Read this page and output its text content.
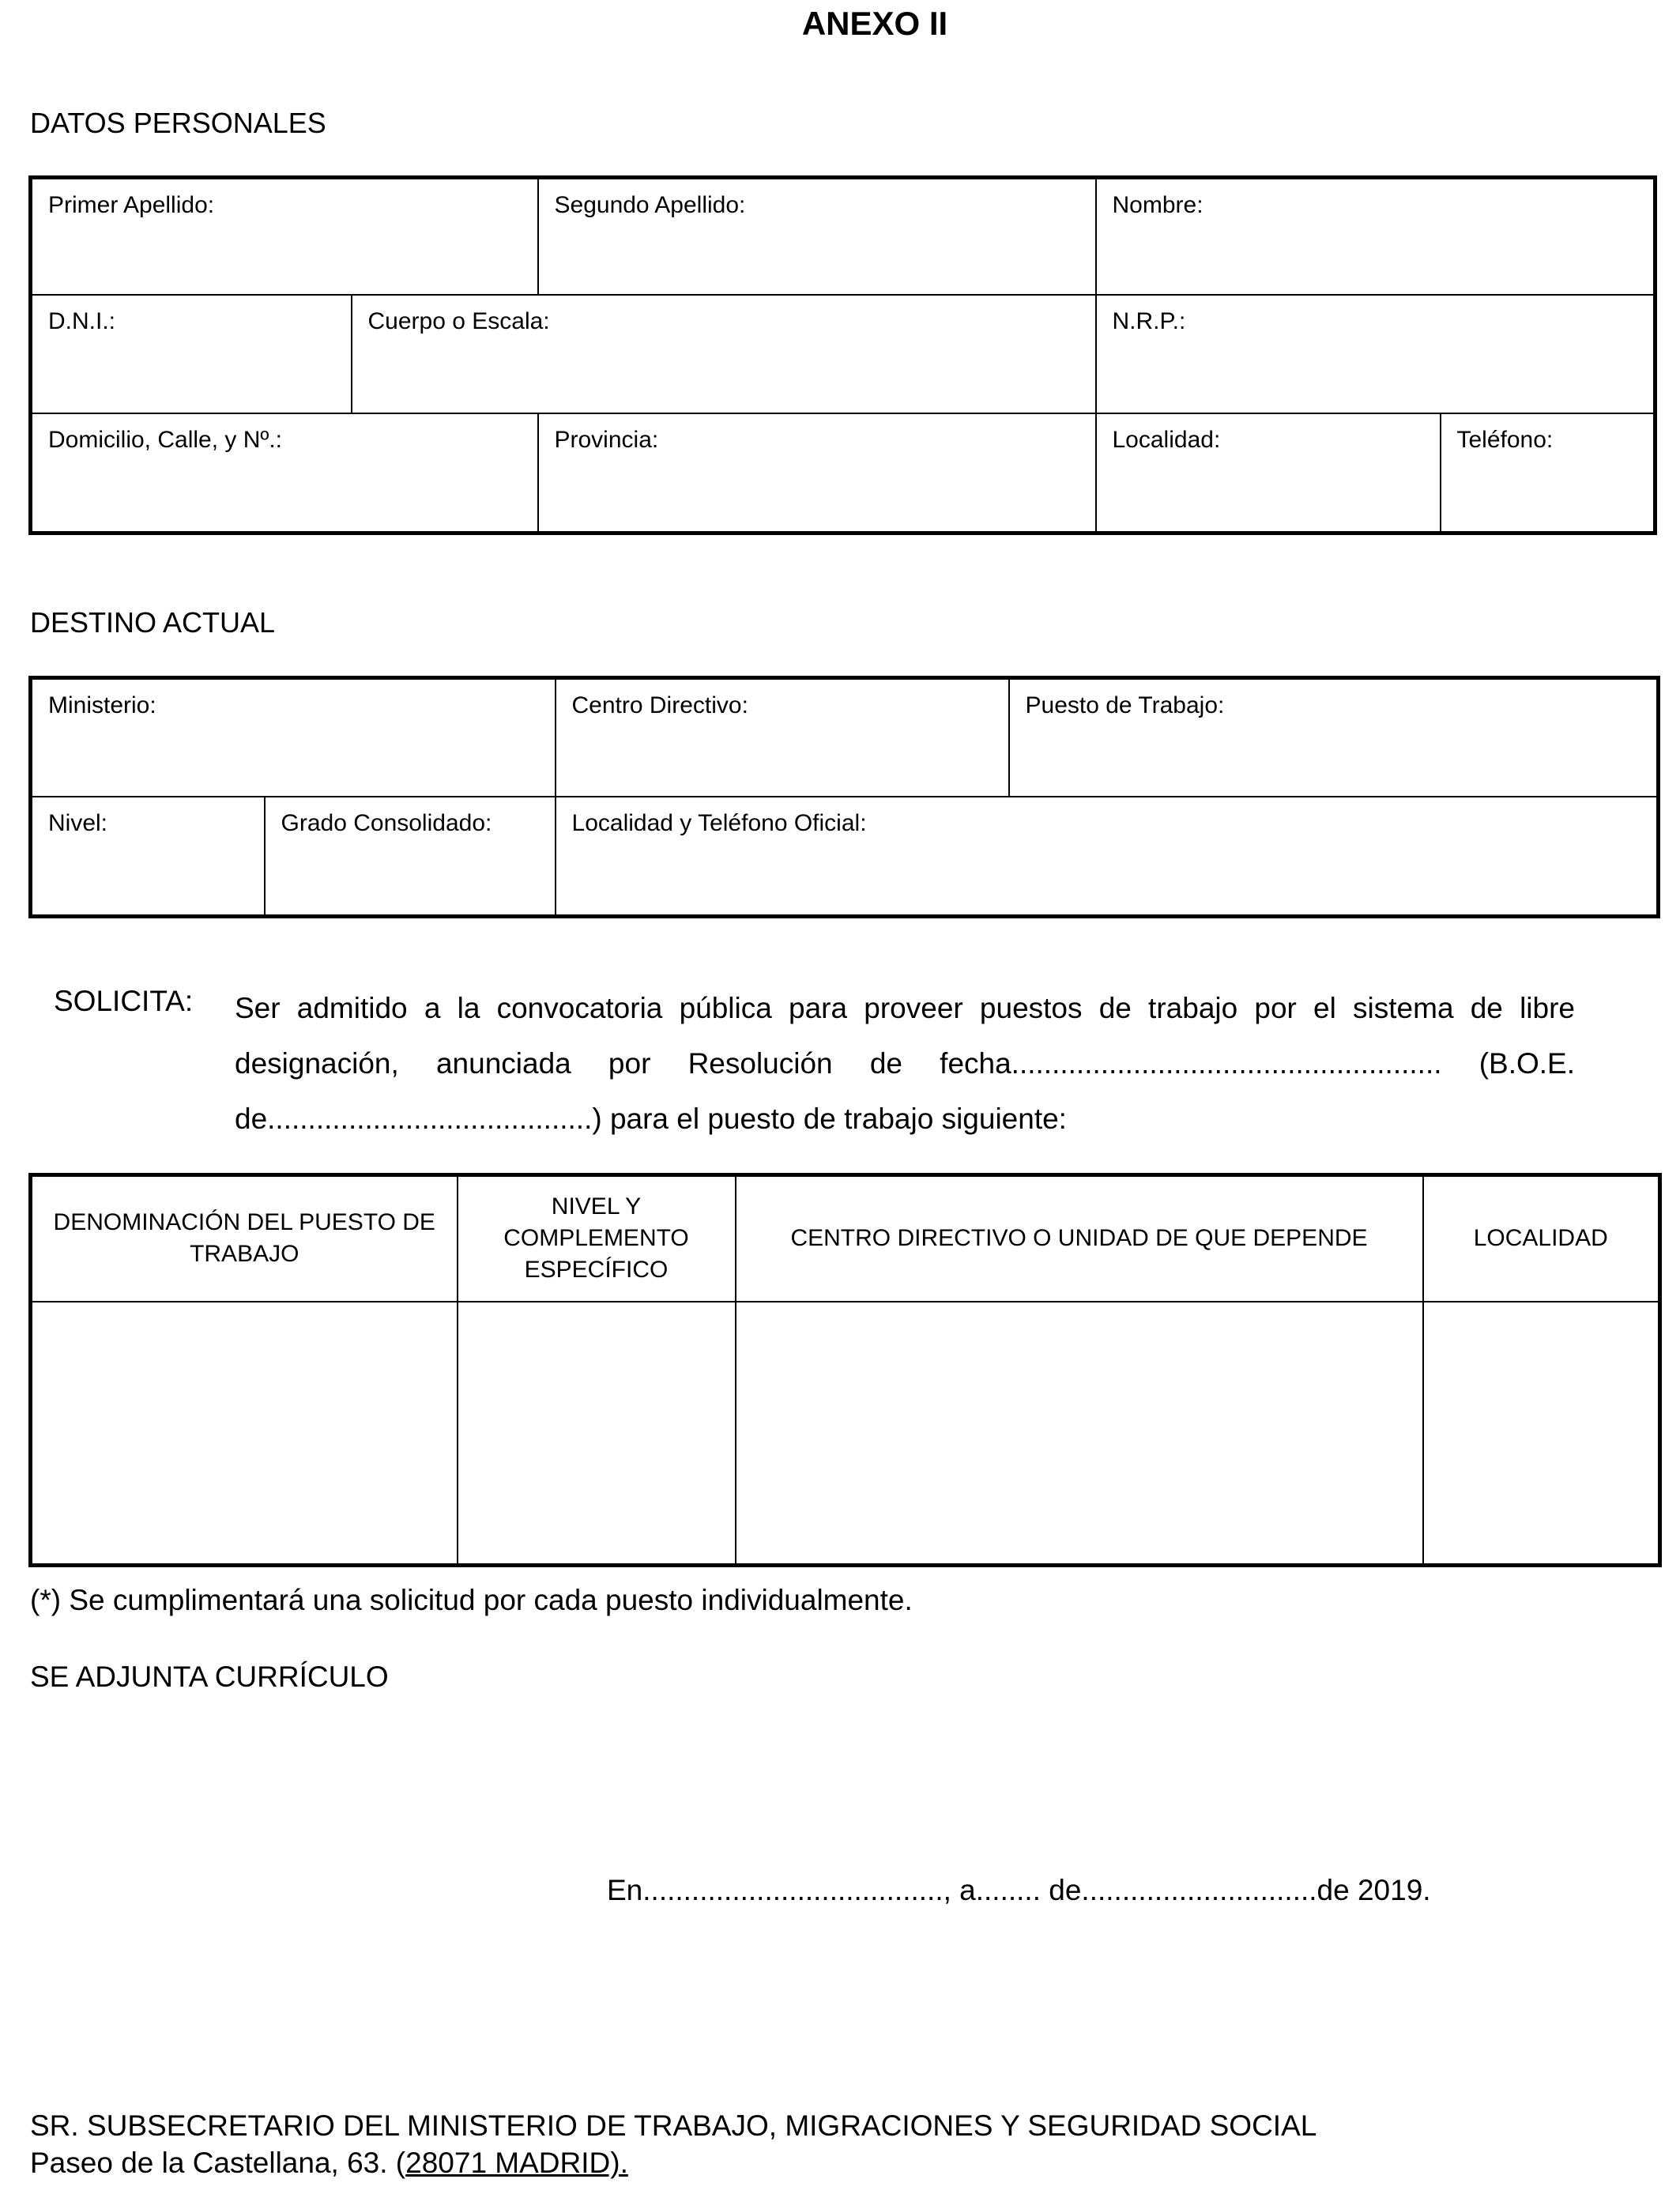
ANEXO II
DATOS PERSONALES
Primer Apellido:		Segundo Apellido:	Nombre:	
D.N.I.:	Cuerpo o Escala:		N.R.P.:	
Domicilio, Calle, y Nº.:		Provincia:	Localidad:	Teléfono:
DESTINO ACTUAL
Ministerio:		Centro Directivo:	Puesto de Trabajo:
Nivel:	Grado Consolidado:	Localidad y Teléfono Oficial:	
SOLICITA: Ser admitido a la convocatoria pública para proveer puestos de trabajo por el sistema de libre designación, anunciada por Resolución de fecha..................................................... (B.O.E. de........................................) para el puesto de trabajo siguiente:
DENOMINACIÓN DEL PUESTO DE TRABAJO	NIVEL Y COMPLEMENTO ESPECÍFICO	CENTRO DIRECTIVO O UNIDAD DE QUE DEPENDE	LOCALIDAD

(*) Se cumplimentará una solicitud por cada puesto individualmente.
SE ADJUNTA CURRÍCULO
En....................................., a........ de.............................de 2019.
SR. SUBSECRETARIO DEL MINISTERIO DE TRABAJO, MIGRACIONES Y SEGURIDAD SOCIAL
Paseo de la Castellana, 63. (28071 MADRID).
